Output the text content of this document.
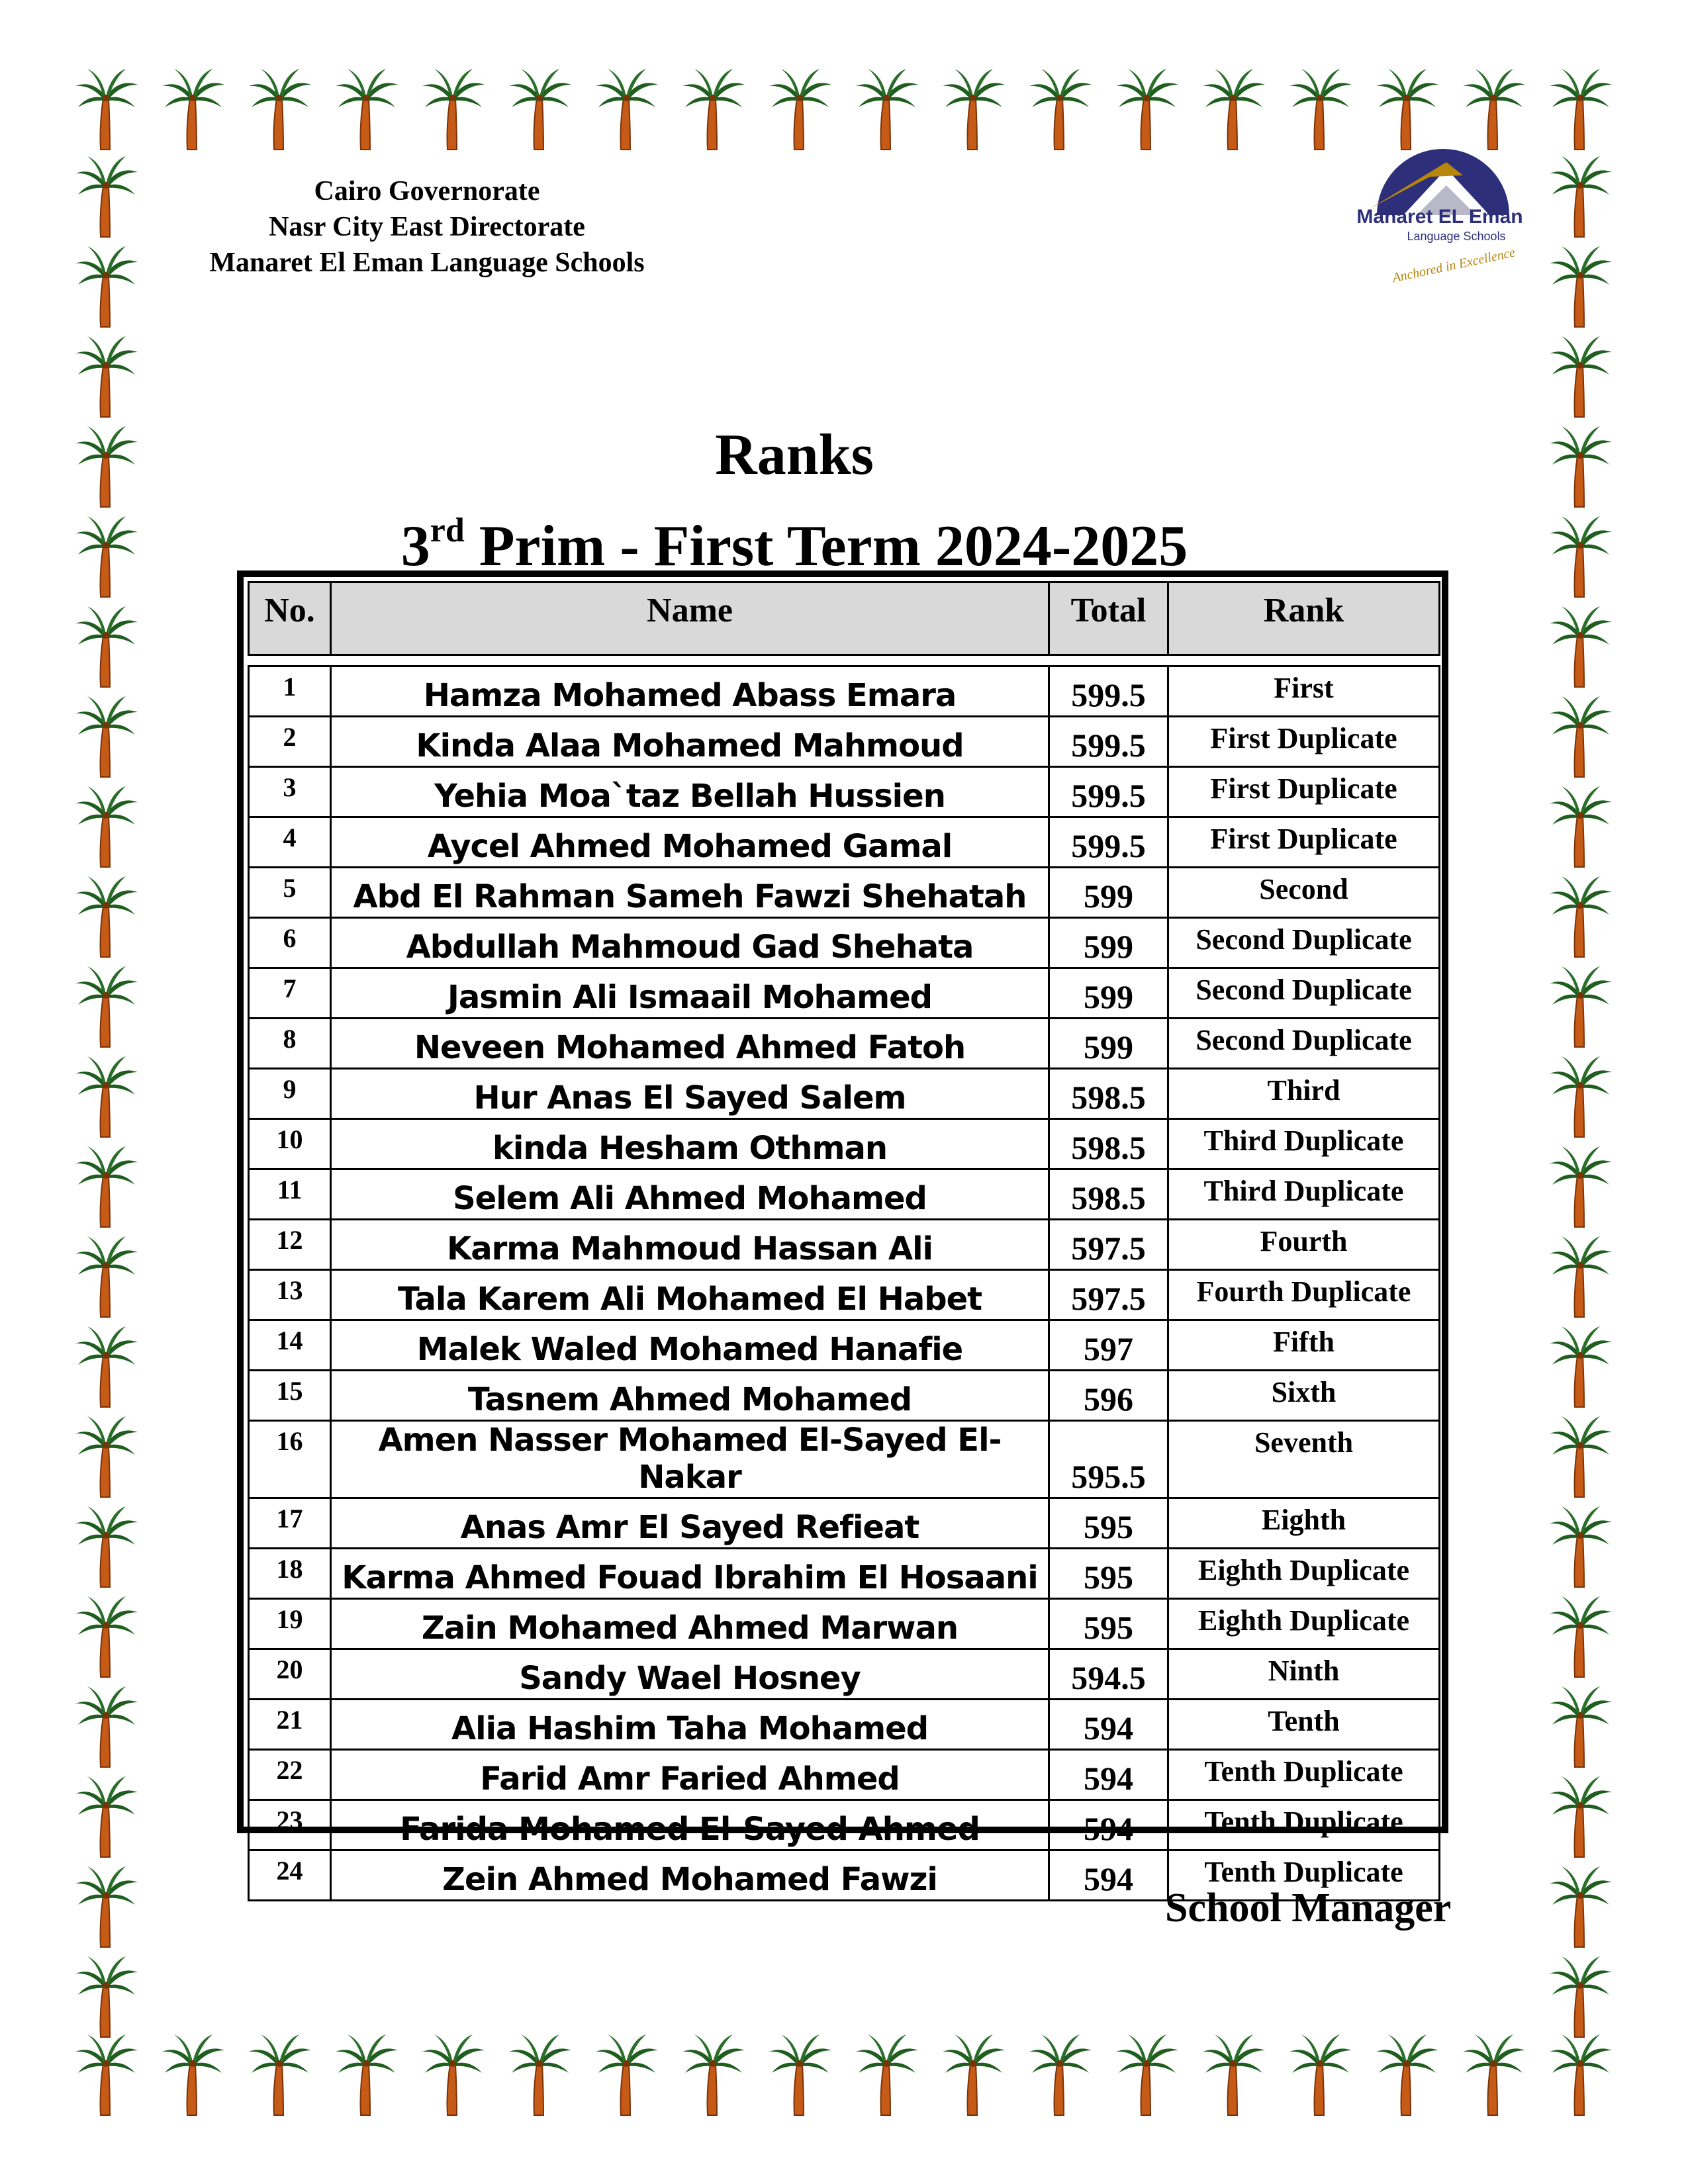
Cairo Governorate
Nasr City East Directorate
Manaret El Eman Language Schools
Manaret EL Eman
Language Schools
Anchored in Excellence
Ranks
3rd Prim - First Term 2024-2025
No.	Name	Total	Rank

1	Hamza Mohamed Abass Emara	599.5	First
2	Kinda Alaa Mohamed Mahmoud	599.5	First Duplicate
3	Yehia Moa`taz Bellah Hussien	599.5	First Duplicate
4	Aycel Ahmed Mohamed Gamal	599.5	First Duplicate
5	Abd El Rahman Sameh Fawzi Shehatah	599	Second
6	Abdullah Mahmoud Gad Shehata	599	Second Duplicate
7	Jasmin Ali Ismaail Mohamed	599	Second Duplicate
8	Neveen Mohamed Ahmed Fatoh	599	Second Duplicate
9	Hur Anas El Sayed Salem	598.5	Third
10	kinda Hesham Othman	598.5	Third Duplicate
11	Selem Ali Ahmed Mohamed	598.5	Third Duplicate
12	Karma Mahmoud Hassan Ali	597.5	Fourth
13	Tala Karem Ali Mohamed El Habet	597.5	Fourth Duplicate
14	Malek Waled Mohamed Hanafie	597	Fifth
15	Tasnem Ahmed Mohamed	596	Sixth
16	Amen Nasser Mohamed El-Sayed El-Nakar	595.5	Seventh
17	Anas Amr El Sayed Refieat	595	Eighth
18	Karma Ahmed Fouad Ibrahim El Hosaani	595	Eighth Duplicate
19	Zain Mohamed Ahmed Marwan	595	Eighth Duplicate
20	Sandy Wael Hosney	594.5	Ninth
21	Alia Hashim Taha Mohamed	594	Tenth
22	Farid Amr Faried Ahmed	594	Tenth Duplicate
23	Farida Mohamed El-Sayed Ahmed	594	Tenth Duplicate
24	Zein Ahmed Mohamed Fawzi	594	Tenth Duplicate
School Manager
